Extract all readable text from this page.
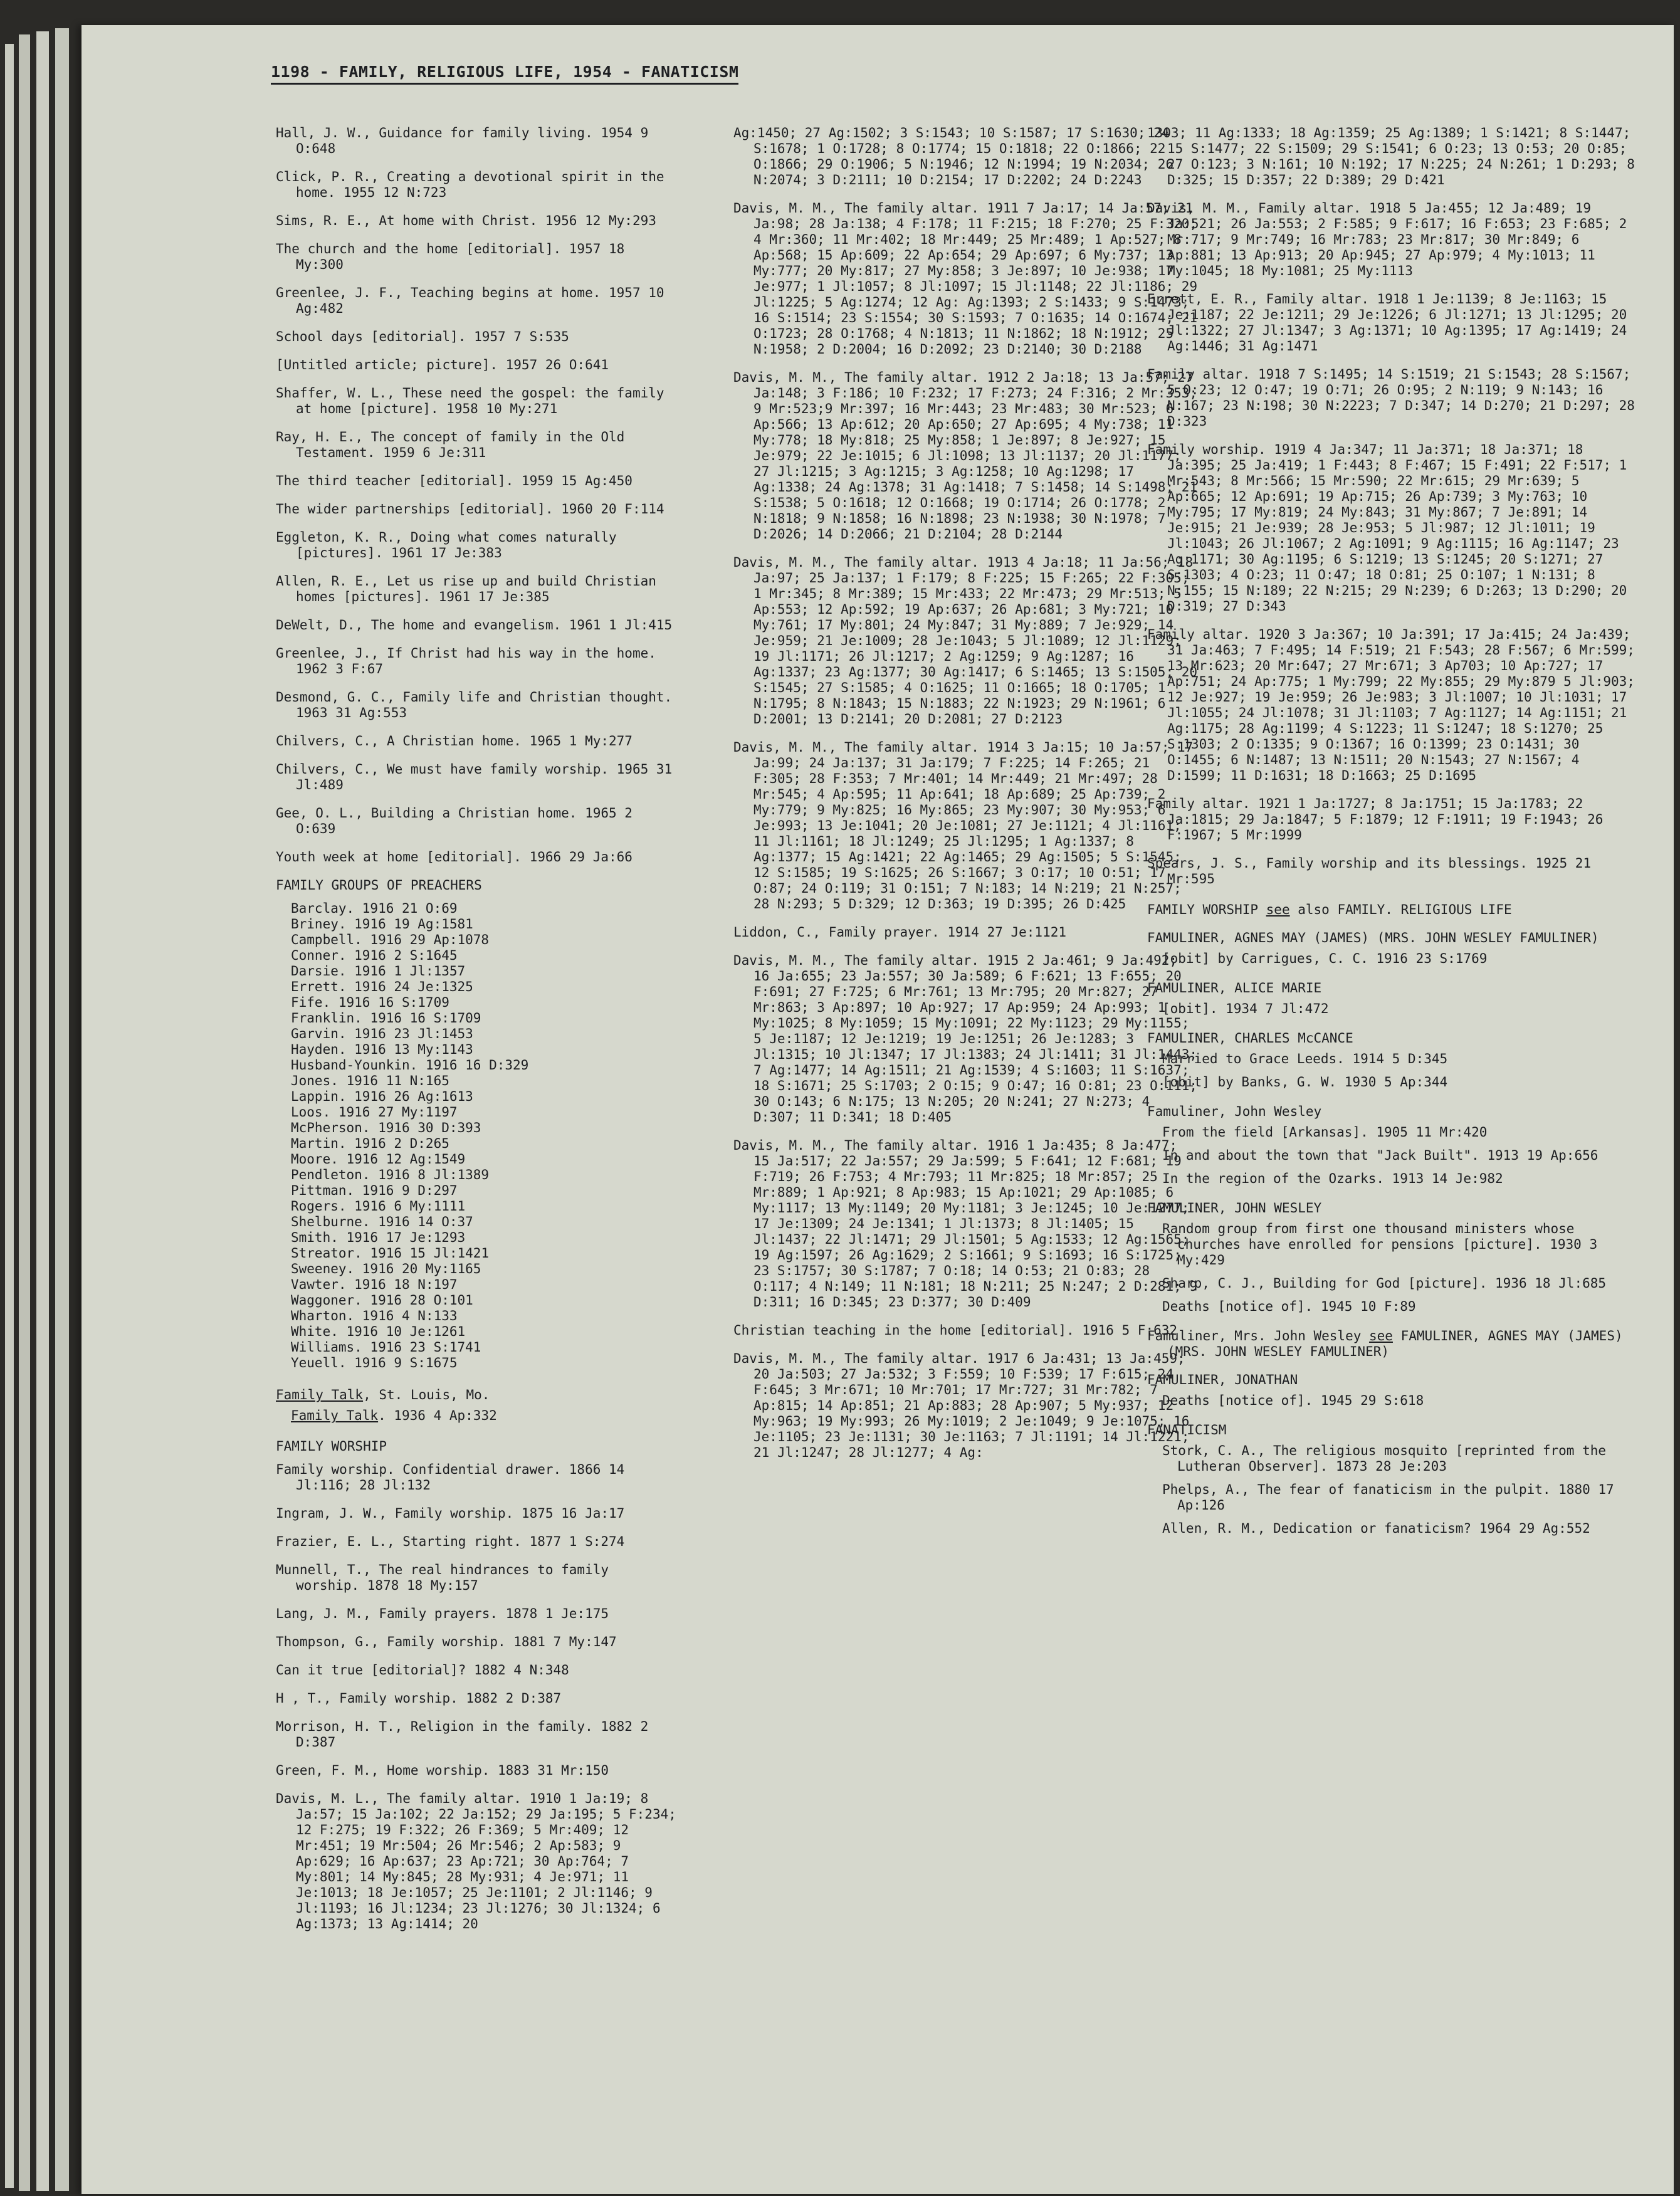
1198 - FAMILY, RELIGIOUS LIFE, 1954 - FANATICISM
Hall, J. W., Guidance for family living. 1954 9 O:648
Click, P. R., Creating a devotional spirit in the home. 1955 12 N:723
Sims, R. E., At home with Christ. 1956 12 My:293
The church and the home [editorial]. 1957 18 My:300
Greenlee, J. F., Teaching begins at home. 1957 10 Ag:482
School days [editorial]. 1957 7 S:535
[Untitled article; picture]. 1957 26 O:641
Shaffer, W. L., These need the gospel: the family at home [picture]. 1958 10 My:271
Ray, H. E., The concept of family in the Old Testament. 1959 6 Je:311
The third teacher [editorial]. 1959 15 Ag:450
The wider partnerships [editorial]. 1960 20 F:114
Eggleton, K. R., Doing what comes naturally [pictures]. 1961 17 Je:383
Allen, R. E., Let us rise up and build Christian homes [pictures]. 1961 17 Je:385
DeWelt, D., The home and evangelism. 1961 1 Jl:415
Greenlee, J., If Christ had his way in the home. 1962 3 F:67
Desmond, G. C., Family life and Christian thought. 1963 31 Ag:553
Chilvers, C., A Christian home. 1965 1 My:277
Chilvers, C., We must have family worship. 1965 31 Jl:489
Gee, O. L., Building a Christian home. 1965 2 O:639
Youth week at home [editorial]. 1966 29 Ja:66
FAMILY GROUPS OF PREACHERS
Barclay. 1916 21 O:69
Briney. 1916 19 Ag:1581
Campbell. 1916 29 Ap:1078
Conner. 1916 2 S:1645
Darsie. 1916 1 Jl:1357
Errett. 1916 24 Je:1325
Fife. 1916 16 S:1709
Franklin. 1916 16 S:1709
Garvin. 1916 23 Jl:1453
Hayden. 1916 13 My:1143
Husband-Younkin. 1916 16 D:329
Jones. 1916 11 N:165
Lappin. 1916 26 Ag:1613
Loos. 1916 27 My:1197
McPherson. 1916 30 D:393
Martin. 1916 2 D:265
Moore. 1916 12 Ag:1549
Pendleton. 1916 8 Jl:1389
Pittman. 1916 9 D:297
Rogers. 1916 6 My:1111
Shelburne. 1916 14 O:37
Smith. 1916 17 Je:1293
Streator. 1916 15 Jl:1421
Sweeney. 1916 20 My:1165
Vawter. 1916 18 N:197
Waggoner. 1916 28 O:101
Wharton. 1916 4 N:133
White. 1916 10 Je:1261
Williams. 1916 23 S:1741
Yeuell. 1916 9 S:1675
Family Talk, St. Louis, Mo.
Family Talk. 1936 4 Ap:332
FAMILY WORSHIP
Family worship. Confidential drawer. 1866 14 Jl:116; 28 Jl:132
Ingram, J. W., Family worship. 1875 16 Ja:17
Frazier, E. L., Starting right. 1877 1 S:274
Munnell, T., The real hindrances to family worship. 1878 18 My:157
Lang, J. M., Family prayers. 1878 1 Je:175
Thompson, G., Family worship. 1881 7 My:147
Can it true [editorial]? 1882 4 N:348
H , T., Family worship. 1882 2 D:387
Morrison, H. T., Religion in the family. 1882 2 D:387
Green, F. M., Home worship. 1883 31 Mr:150
Davis, M. L., The family altar. 1910 1 Ja:19; 8 Ja:57; 15 Ja:102; 22 Ja:152; 29 Ja:195; 5 F:234; 12 F:275; 19 F:322; 26 F:369; 5 Mr:409; 12 Mr:451; 19 Mr:504; 26 Mr:546; 2 Ap:583; 9 Ap:629; 16 Ap:637; 23 Ap:721; 30 Ap:764; 7 My:801; 14 My:845; 28 My:931; 4 Je:971; 11 Je:1013; 18 Je:1057; 25 Je:1101; 2 Jl:1146; 9 Jl:1193; 16 Jl:1234; 23 Jl:1276; 30 Jl:1324; 6 Ag:1373; 13 Ag:1414; 20
Ag:1450; 27 Ag:1502; 3 S:1543; 10 S:1587; 17 S:1630; 24 S:1678; 1 O:1728; 8 O:1774; 15 O:1818; 22 O:1866; 22 O:1866; 29 O:1906; 5 N:1946; 12 N:1994; 19 N:2034; 26 N:2074; 3 D:2111; 10 D:2154; 17 D:2202; 24 D:2243
Davis, M. M., The family altar. 1911 7 Ja:17; 14 Ja:57; 21 Ja:98; 28 Ja:138; 4 F:178; 11 F:215; 18 F:270; 25 F:320; 4 Mr:360; 11 Mr:402; 18 Mr:449; 25 Mr:489; 1 Ap:527; 8 Ap:568; 15 Ap:609; 22 Ap:654; 29 Ap:697; 6 My:737; 13 My:777; 20 My:817; 27 My:858; 3 Je:897; 10 Je:938; 17 Je:977; 1 Jl:1057; 8 Jl:1097; 15 Jl:1148; 22 Jl:1186; 29 Jl:1225; 5 Ag:1274; 12 Ag: Ag:1393; 2 S:1433; 9 S:1473; 16 S:1514; 23 S:1554; 30 S:1593; 7 O:1635; 14 O:1674; 21 O:1723; 28 O:1768; 4 N:1813; 11 N:1862; 18 N:1912; 25 N:1958; 2 D:2004; 16 D:2092; 23 D:2140; 30 D:2188
Davis, M. M., The family altar. 1912 2 Ja:18; 13 Ja:57; 27 Ja:148; 3 F:186; 10 F:232; 17 F:273; 24 F:316; 2 Mr:353; 9 Mr:523;9 Mr:397; 16 Mr:443; 23 Mr:483; 30 Mr:523; 6 Ap:566; 13 Ap:612; 20 Ap:650; 27 Ap:695; 4 My:738; 11 My:778; 18 My:818; 25 My:858; 1 Je:897; 8 Je:927; 15 Je:979; 22 Je:1015; 6 Jl:1098; 13 Jl:1137; 20 Jl:1177; 27 Jl:1215; 3 Ag:1215; 3 Ag:1258; 10 Ag:1298; 17 Ag:1338; 24 Ag:1378; 31 Ag:1418; 7 S:1458; 14 S:1498; 21 S:1538; 5 O:1618; 12 O:1668; 19 O:1714; 26 O:1778; 2 N:1818; 9 N:1858; 16 N:1898; 23 N:1938; 30 N:1978; 7 D:2026; 14 D:2066; 21 D:2104; 28 D:2144
Davis, M. M., The family altar. 1913 4 Ja:18; 11 Ja:56; 18 Ja:97; 25 Ja:137; 1 F:179; 8 F:225; 15 F:265; 22 F:305; 1 Mr:345; 8 Mr:389; 15 Mr:433; 22 Mr:473; 29 Mr:513; 5 Ap:553; 12 Ap:592; 19 Ap:637; 26 Ap:681; 3 My:721; 10 My:761; 17 My:801; 24 My:847; 31 My:889; 7 Je:929; 14 Je:959; 21 Je:1009; 28 Je:1043; 5 Jl:1089; 12 Jl:1129; 19 Jl:1171; 26 Jl:1217; 2 Ag:1259; 9 Ag:1287; 16 Ag:1337; 23 Ag:1377; 30 Ag:1417; 6 S:1465; 13 S:1505; 20 S:1545; 27 S:1585; 4 O:1625; 11 O:1665; 18 O:1705; 1 N:1795; 8 N:1843; 15 N:1883; 22 N:1923; 29 N:1961; 6 D:2001; 13 D:2141; 20 D:2081; 27 D:2123
Davis, M. M., The family altar. 1914 3 Ja:15; 10 Ja:57; 17 Ja:99; 24 Ja:137; 31 Ja:179; 7 F:225; 14 F:265; 21 F:305; 28 F:353; 7 Mr:401; 14 Mr:449; 21 Mr:497; 28 Mr:545; 4 Ap:595; 11 Ap:641; 18 Ap:689; 25 Ap:739; 2 My:779; 9 My:825; 16 My:865; 23 My:907; 30 My:953; 6 Je:993; 13 Je:1041; 20 Je:1081; 27 Je:1121; 4 Jl:1161; 11 Jl:1161; 18 Jl:1249; 25 Jl:1295; 1 Ag:1337; 8 Ag:1377; 15 Ag:1421; 22 Ag:1465; 29 Ag:1505; 5 S:1545; 12 S:1585; 19 S:1625; 26 S:1667; 3 O:17; 10 O:51; 17 O:87; 24 O:119; 31 O:151; 7 N:183; 14 N:219; 21 N:257; 28 N:293; 5 D:329; 12 D:363; 19 D:395; 26 D:425
Liddon, C., Family prayer. 1914 27 Je:1121
Davis, M. M., The family altar. 1915 2 Ja:461; 9 Ja:492; 16 Ja:655; 23 Ja:557; 30 Ja:589; 6 F:621; 13 F:655; 20 F:691; 27 F:725; 6 Mr:761; 13 Mr:795; 20 Mr:827; 27 Mr:863; 3 Ap:897; 10 Ap:927; 17 Ap:959; 24 Ap:993; 1 My:1025; 8 My:1059; 15 My:1091; 22 My:1123; 29 My:1155; 5 Je:1187; 12 Je:1219; 19 Je:1251; 26 Je:1283; 3 Jl:1315; 10 Jl:1347; 17 Jl:1383; 24 Jl:1411; 31 Jl:1443; 7 Ag:1477; 14 Ag:1511; 21 Ag:1539; 4 S:1603; 11 S:1637; 18 S:1671; 25 S:1703; 2 O:15; 9 O:47; 16 O:81; 23 O:111; 30 O:143; 6 N:175; 13 N:205; 20 N:241; 27 N:273; 4 D:307; 11 D:341; 18 D:405
Davis, M. M., The family altar. 1916 1 Ja:435; 8 Ja:477; 15 Ja:517; 22 Ja:557; 29 Ja:599; 5 F:641; 12 F:681; 19 F:719; 26 F:753; 4 Mr:793; 11 Mr:825; 18 Mr:857; 25 Mr:889; 1 Ap:921; 8 Ap:983; 15 Ap:1021; 29 Ap:1085; 6 My:1117; 13 My:1149; 20 My:1181; 3 Je:1245; 10 Je:1277; 17 Je:1309; 24 Je:1341; 1 Jl:1373; 8 Jl:1405; 15 Jl:1437; 22 Jl:1471; 29 Jl:1501; 5 Ag:1533; 12 Ag:1565; 19 Ag:1597; 26 Ag:1629; 2 S:1661; 9 S:1693; 16 S:1725; 23 S:1757; 30 S:1787; 7 O:18; 14 O:53; 21 O:83; 28 O:117; 4 N:149; 11 N:181; 18 N:211; 25 N:247; 2 D:281; 9 D:311; 16 D:345; 23 D:377; 30 D:409
Christian teaching in the home [editorial]. 1916 5 F:632
Davis, M. M., The family altar. 1917 6 Ja:431; 13 Ja:459; 20 Ja:503; 27 Ja:532; 3 F:559; 10 F:539; 17 F:615; 24 F:645; 3 Mr:671; 10 Mr:701; 17 Mr:727; 31 Mr:782; 7 Ap:815; 14 Ap:851; 21 Ap:883; 28 Ap:907; 5 My:937; 12 My:963; 19 My:993; 26 My:1019; 2 Je:1049; 9 Je:1075; 16 Je:1105; 23 Je:1131; 30 Je:1163; 7 Jl:1191; 14 Jl:1221; 21 Jl:1247; 28 Jl:1277; 4 Ag:
1303; 11 Ag:1333; 18 Ag:1359; 25 Ag:1389; 1 S:1421; 8 S:1447; 15 S:1477; 22 S:1509; 29 S:1541; 6 O:23; 13 O:53; 20 O:85; 27 O:123; 3 N:161; 10 N:192; 17 N:225; 24 N:261; 1 D:293; 8 D:325; 15 D:357; 22 D:389; 29 D:421
Davis, M. M., Family altar. 1918 5 Ja:455; 12 Ja:489; 19 Ja:521; 26 Ja:553; 2 F:585; 9 F:617; 16 F:653; 23 F:685; 2 Mr:717; 9 Mr:749; 16 Mr:783; 23 Mr:817; 30 Mr:849; 6 Ap:881; 13 Ap:913; 20 Ap:945; 27 Ap:979; 4 My:1013; 11 My:1045; 18 My:1081; 25 My:1113
Errett, E. R., Family altar. 1918 1 Je:1139; 8 Je:1163; 15 Je:1187; 22 Je:1211; 29 Je:1226; 6 Jl:1271; 13 Jl:1295; 20 Jl:1322; 27 Jl:1347; 3 Ag:1371; 10 Ag:1395; 17 Ag:1419; 24 Ag:1446; 31 Ag:1471
Family altar. 1918 7 S:1495; 14 S:1519; 21 S:1543; 28 S:1567; 5 O:23; 12 O:47; 19 O:71; 26 O:95; 2 N:119; 9 N:143; 16 N:167; 23 N:198; 30 N:2223; 7 D:347; 14 D:270; 21 D:297; 28 D:323
Family worship. 1919 4 Ja:347; 11 Ja:371; 18 Ja:371; 18 Ja:395; 25 Ja:419; 1 F:443; 8 F:467; 15 F:491; 22 F:517; 1 Mr:543; 8 Mr:566; 15 Mr:590; 22 Mr:615; 29 Mr:639; 5 Ap:665; 12 Ap:691; 19 Ap:715; 26 Ap:739; 3 My:763; 10 My:795; 17 My:819; 24 My:843; 31 My:867; 7 Je:891; 14 Je:915; 21 Je:939; 28 Je:953; 5 Jl:987; 12 Jl:1011; 19 Jl:1043; 26 Jl:1067; 2 Ag:1091; 9 Ag:1115; 16 Ag:1147; 23 Ag:1171; 30 Ag:1195; 6 S:1219; 13 S:1245; 20 S:1271; 27 S:1303; 4 O:23; 11 O:47; 18 O:81; 25 O:107; 1 N:131; 8 N:155; 15 N:189; 22 N:215; 29 N:239; 6 D:263; 13 D:290; 20 D:319; 27 D:343
Family altar. 1920 3 Ja:367; 10 Ja:391; 17 Ja:415; 24 Ja:439; 31 Ja:463; 7 F:495; 14 F:519; 21 F:543; 28 F:567; 6 Mr:599; 13 Mr:623; 20 Mr:647; 27 Mr:671; 3 Ap703; 10 Ap:727; 17 Ap:751; 24 Ap:775; 1 My:799; 22 My:855; 29 My:879 5 Jl:903; 12 Je:927; 19 Je:959; 26 Je:983; 3 Jl:1007; 10 Jl:1031; 17 Jl:1055; 24 Jl:1078; 31 Jl:1103; 7 Ag:1127; 14 Ag:1151; 21 Ag:1175; 28 Ag:1199; 4 S:1223; 11 S:1247; 18 S:1270; 25 S:1303; 2 O:1335; 9 O:1367; 16 O:1399; 23 O:1431; 30 O:1455; 6 N:1487; 13 N:1511; 20 N:1543; 27 N:1567; 4 D:1599; 11 D:1631; 18 D:1663; 25 D:1695
Family altar. 1921 1 Ja:1727; 8 Ja:1751; 15 Ja:1783; 22 Ja:1815; 29 Ja:1847; 5 F:1879; 12 F:1911; 19 F:1943; 26 F:1967; 5 Mr:1999
Spears, J. S., Family worship and its blessings. 1925 21 Mr:595
FAMILY WORSHIP see also FAMILY. RELIGIOUS LIFE
FAMULINER, AGNES MAY (JAMES) (MRS. JOHN WESLEY FAMULINER)
[obit] by Carrigues, C. C. 1916 23 S:1769
FAMULINER, ALICE MARIE
[obit]. 1934 7 Jl:472
FAMULINER, CHARLES McCANCE
Married to Grace Leeds. 1914 5 D:345
[obit] by Banks, G. W. 1930 5 Ap:344
Famuliner, John Wesley
From the field [Arkansas]. 1905 11 Mr:420
In and about the town that "Jack Built". 1913 19 Ap:656
In the region of the Ozarks. 1913 14 Je:982
FAMULINER, JOHN WESLEY
Random group from first one thousand ministers whose churches have enrolled for pensions [picture]. 1930 3 My:429
Sharp, C. J., Building for God [picture]. 1936 18 Jl:685
Deaths [notice of]. 1945 10 F:89
Famuliner, Mrs. John Wesley see FAMULINER, AGNES MAY (JAMES) (MRS. JOHN WESLEY FAMULINER)
FAMULINER, JONATHAN
Deaths [notice of]. 1945 29 S:618
FANATICISM
Stork, C. A., The religious mosquito [reprinted from the Lutheran Observer]. 1873 28 Je:203
Phelps, A., The fear of fanaticism in the pulpit. 1880 17 Ap:126
Allen, R. M., Dedication or fanaticism? 1964 29 Ag:552
